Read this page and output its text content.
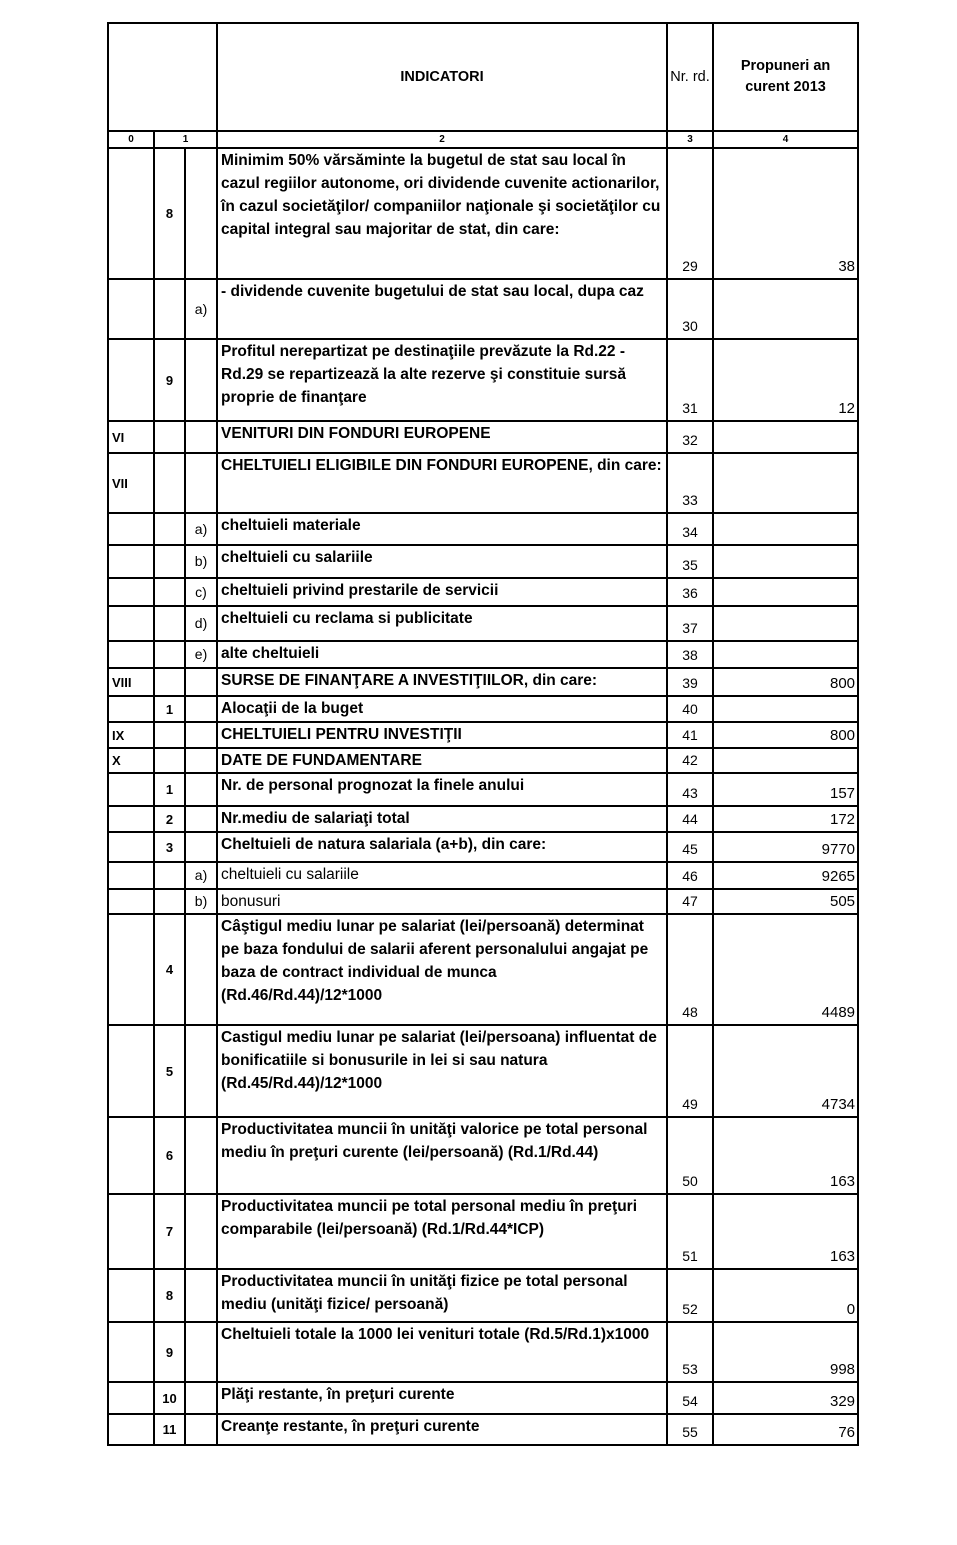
			INDICATORI	Nr. rd.	Propuneri an curent 2013
0	1		2	3	4
	8		Minimim 50% vărsăminte la bugetul de stat sau local în cazul regiilor autonome, ori dividende cuvenite actionarilor, în cazul societăţilor/ companiilor naţionale şi societăţilor cu capital integral sau majoritar de stat, din care:	29	38
		a)	- dividende cuvenite bugetului de stat sau local, dupa caz	30	
	9		Profitul nerepartizat pe destinaţiile prevăzute la Rd.22 - Rd.29 se repartizează la alte rezerve şi constituie sursă proprie de finanţare	31	12
VI			VENITURI DIN FONDURI EUROPENE	32	
VII			CHELTUIELI ELIGIBILE DIN FONDURI EUROPENE, din care:	33	
		a)	cheltuieli materiale	34	
		b)	cheltuieli cu salariile	35	
		c)	cheltuieli privind prestarile de servicii	36	
		d)	cheltuieli cu reclama si publicitate	37	
		e)	alte cheltuieli	38	
VIII			SURSE DE FINANŢARE A INVESTIŢIILOR, din care:	39	800
	1		Alocaţii de la buget	40	
IX			CHELTUIELI PENTRU INVESTIŢII	41	800
X			DATE DE FUNDAMENTARE	42	
	1		Nr. de personal prognozat la finele anului	43	157
	2		Nr.mediu de salariaţi total	44	172
	3		Cheltuieli de natura salariala (a+b), din care:	45	9770
		a)	cheltuieli cu salariile	46	9265
		b)	bonusuri	47	505
	4		Câştigul mediu lunar pe salariat (lei/persoană) determinat pe baza fondului de salarii aferent personalului angajat pe baza de contract individual de munca (Rd.46/Rd.44)/12*1000	48	4489
	5		Castigul mediu lunar pe salariat (lei/persoana) influentat de bonificatiile si bonusurile in lei si sau natura (Rd.45/Rd.44)/12*1000	49	4734
	6		Productivitatea muncii în unităţi valorice pe total personal mediu în preţuri curente (lei/persoană) (Rd.1/Rd.44)	50	163
	7		Productivitatea muncii pe total personal mediu în preţuri comparabile (lei/persoană) (Rd.1/Rd.44*ICP)	51	163
	8		Productivitatea muncii în unităţi fizice pe total personal mediu (unităţi fizice/ persoană)	52	0
	9		Cheltuieli totale la 1000 lei venituri totale (Rd.5/Rd.1)x1000	53	998
	10		Plăţi restante, în preţuri curente	54	329
	11		Creanţe restante, în preţuri curente	55	76
